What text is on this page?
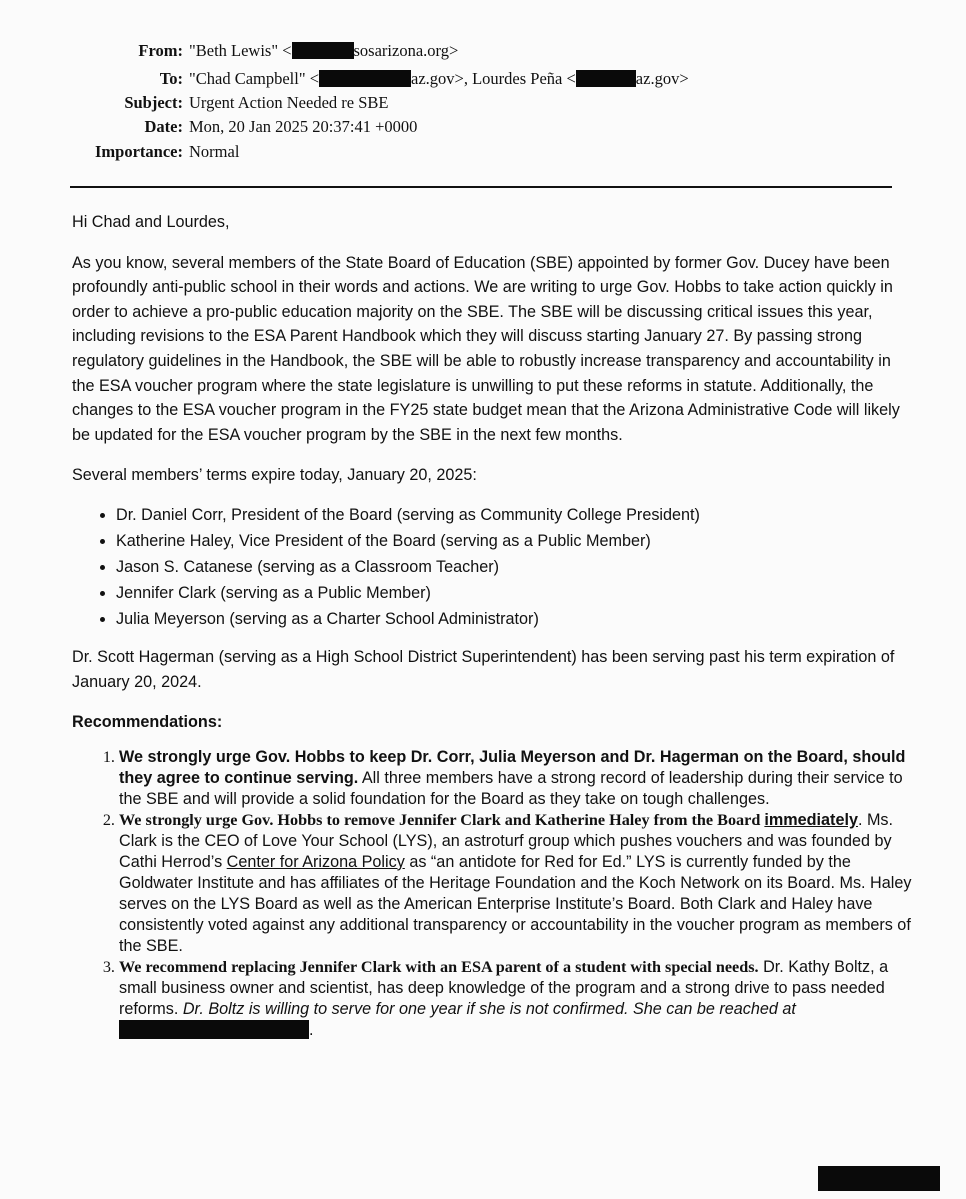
From: "Beth Lewis" <	sosarizona.org>
To: "Chad Campbell" <	az.gov>, Lourdes Peña <	az.gov>
Subject: Urgent Action Needed re SBE
Date: Mon, 20 Jan 2025 20:37:41 +0000
Importance: Normal

Hi Chad and Lourdes,

As you know, several members of the State Board of Education (SBE) appointed by former Gov. Ducey have been profoundly anti-public school in their words and actions. We are writing to urge Gov. Hobbs to take action quickly in order to achieve a pro-public education majority on the SBE. The SBE will be discussing critical issues this year, including revisions to the ESA Parent Handbook which they will discuss starting January 27. By passing strong regulatory guidelines in the Handbook, the SBE will be able to robustly increase transparency and accountability in the ESA voucher program where the state legislature is unwilling to put these reforms in statute. Additionally, the changes to the ESA voucher program in the FY25 state budget mean that the Arizona Administrative Code will likely be updated for the ESA voucher program by the SBE in the next few months.

Several members’ terms expire today, January 20, 2025:

• Dr. Daniel Corr, President of the Board (serving as Community College President)
• Katherine Haley, Vice President of the Board (serving as a Public Member)
• Jason S. Catanese (serving as a Classroom Teacher)
• Jennifer Clark (serving as a Public Member)
• Julia Meyerson (serving as a Charter School Administrator)

Dr. Scott Hagerman (serving as a High School District Superintendent) has been serving past his term expiration of January 20, 2024.

Recommendations:

1. We strongly urge Gov. Hobbs to keep Dr. Corr, Julia Meyerson and Dr. Hagerman on the Board, should they agree to continue serving. All three members have a strong record of leadership during their service to the SBE and will provide a solid foundation for the Board as they take on tough challenges.
2. We strongly urge Gov. Hobbs to remove Jennifer Clark and Katherine Haley from the Board immediately. Ms. Clark is the CEO of Love Your School (LYS), an astroturf group which pushes vouchers and was founded by Cathi Herrod’s Center for Arizona Policy as “an antidote for Red for Ed.” LYS is currently funded by the Goldwater Institute and has affiliates of the Heritage Foundation and the Koch Network on its Board. Ms. Haley serves on the LYS Board as well as the American Enterprise Institute’s Board. Both Clark and Haley have consistently voted against any additional transparency or accountability in the voucher program as members of the SBE.
3. We recommend replacing Jennifer Clark with an ESA parent of a student with special needs. Dr. Kathy Boltz, a small business owner and scientist, has deep knowledge of the program and a strong drive to pass needed reforms. Dr. Boltz is willing to serve for one year if she is not confirmed. She can be reached at.
